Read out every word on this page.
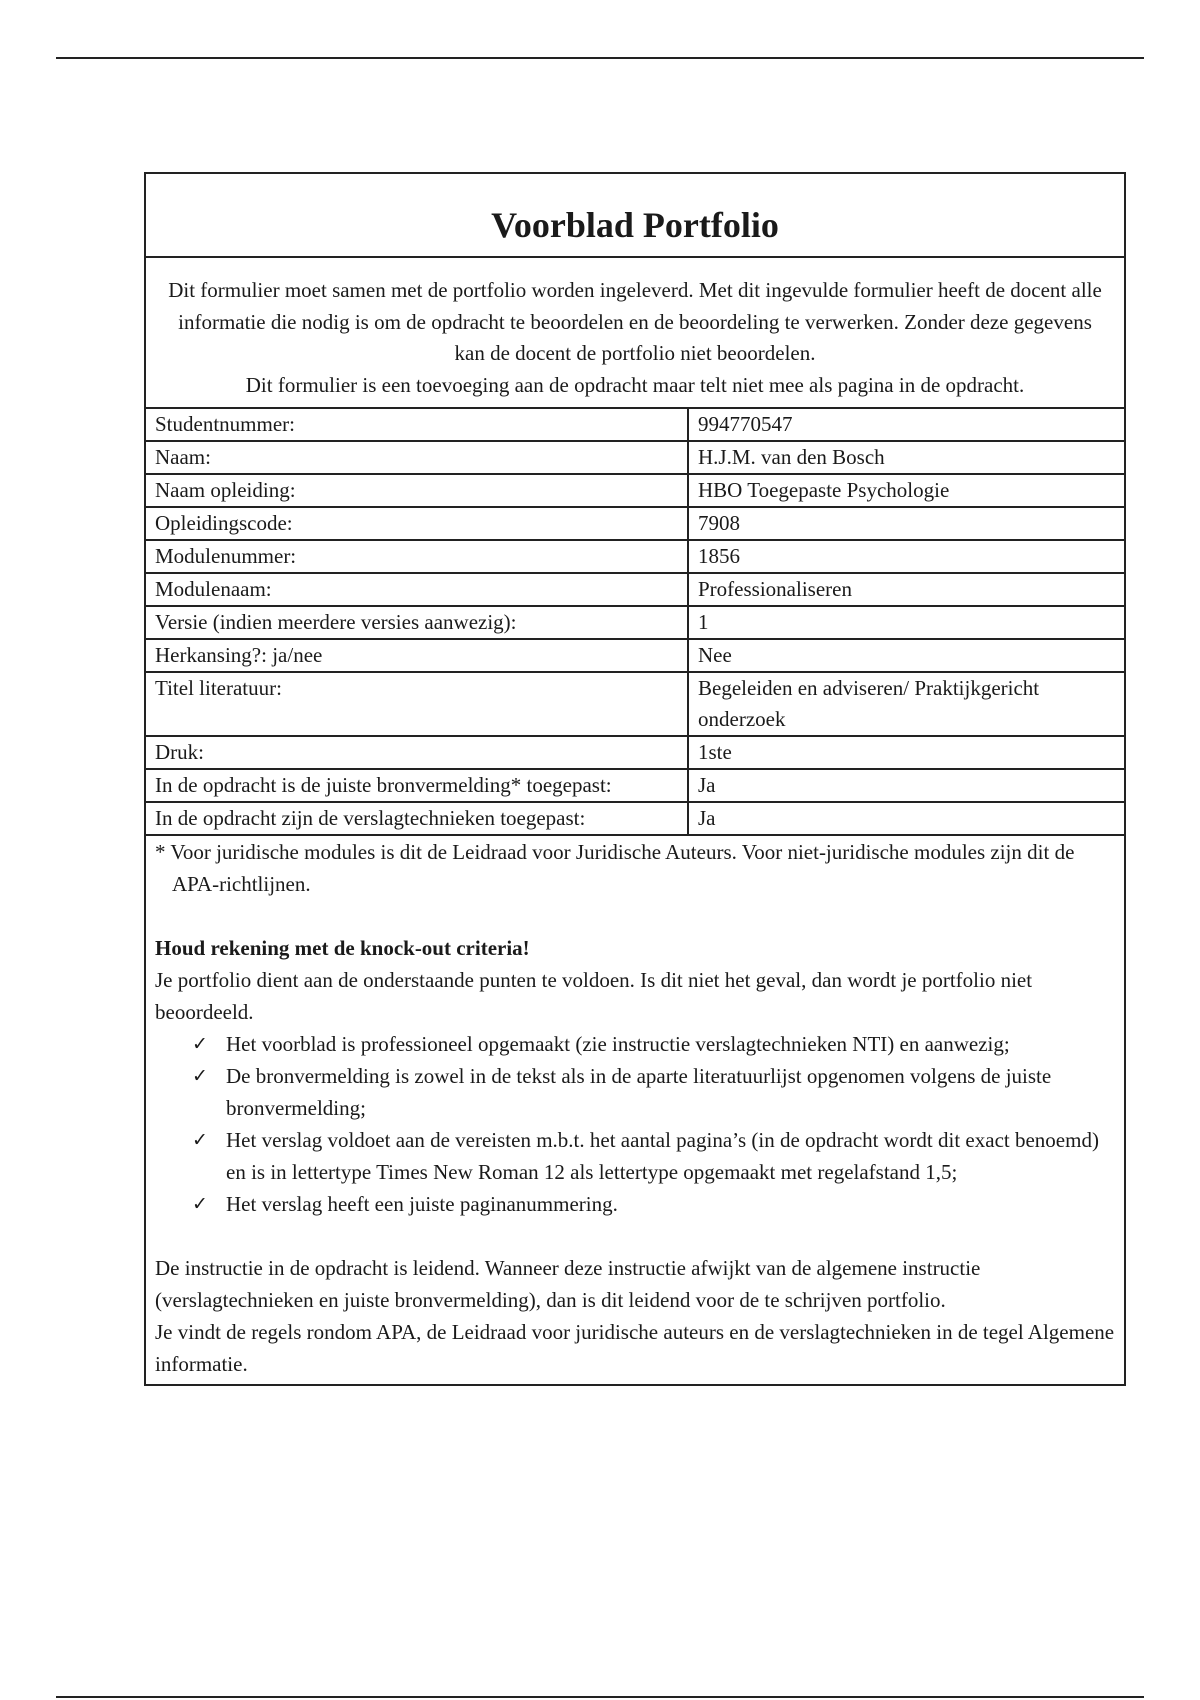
Voorblad Portfolio

Dit formulier moet samen met de portfolio worden ingeleverd. Met dit ingevulde formulier heeft de docent alle informatie die nodig is om de opdracht te beoordelen en de beoordeling te verwerken. Zonder deze gegevens kan de docent de portfolio niet beoordelen.

Dit formulier is een toevoeging aan de opdracht maar telt niet mee als pagina in de opdracht.

Studentnummer:	994770547
Naam:	H.J.M. van den Bosch
Naam opleiding:	HBO Toegepaste Psychologie
Opleidingscode:	7908
Modulenummer:	1856
Modulenaam:	Professionaliseren
Versie (indien meerdere versies aanwezig):	1
Herkansing?: ja/nee	Nee
Titel literatuur:	Begeleiden en adviseren/ Praktijkgericht onderzoek
Druk:	1ste
In de opdracht is de juiste bronvermelding* toegepast:	Ja
In de opdracht zijn de verslagtechnieken toegepast:	Ja

* Voor juridische modules is dit de Leidraad voor Juridische Auteurs. Voor niet-juridische modules zijn dit de APA-richtlijnen.

Houd rekening met de knock-out criteria!

Je portfolio dient aan de onderstaande punten te voldoen. Is dit niet het geval, dan wordt je portfolio niet beoordeeld.

✓ Het voorblad is professioneel opgemaakt (zie instructie verslagtechnieken NTI) en aanwezig;
✓ De bronvermelding is zowel in de tekst als in de aparte literatuurlijst opgenomen volgens de juiste bronvermelding;
✓ Het verslag voldoet aan de vereisten m.b.t. het aantal pagina’s (in de opdracht wordt dit exact benoemd) en is in lettertype Times New Roman 12 als lettertype opgemaakt met regelafstand 1,5;
✓ Het verslag heeft een juiste paginanummering.

De instructie in de opdracht is leidend. Wanneer deze instructie afwijkt van de algemene instructie (verslagtechnieken en juiste bronvermelding), dan is dit leidend voor de te schrijven portfolio.

Je vindt de regels rondom APA, de Leidraad voor juridische auteurs en de verslagtechnieken in de tegel Algemene informatie.
